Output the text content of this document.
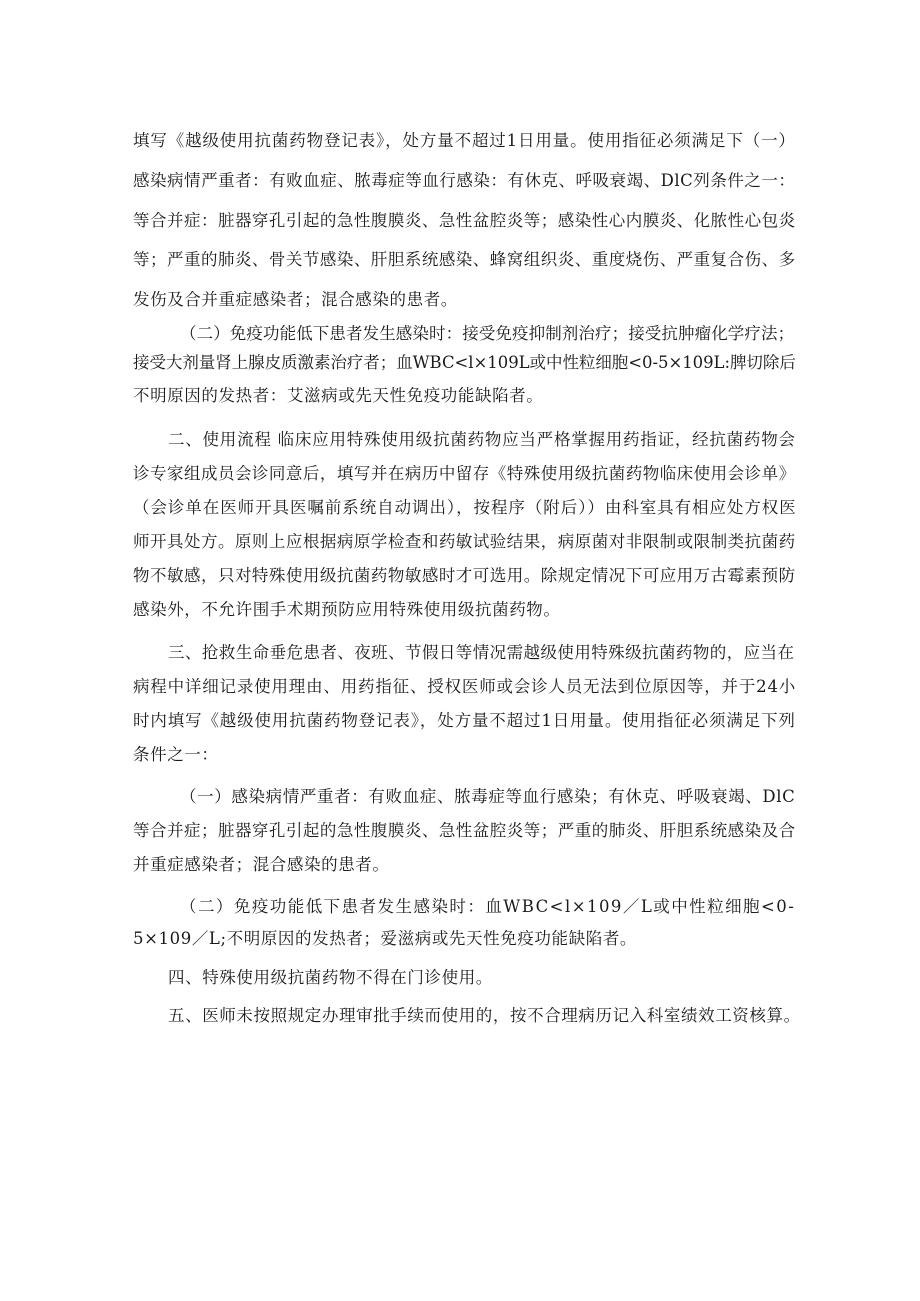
填写《越级使用抗菌药物登记表》，处方量不超过1日用量。使用指征必须满足下（一）
感染病情严重者：有败血症、脓毒症等血行感染：有休克、呼吸衰竭、DlC列条件之一：
等合并症：脏器穿孔引起的急性腹膜炎、急性盆腔炎等；感染性心内膜炎、化脓性心包炎
等；严重的肺炎、骨关节感染、肝胆系统感染、蜂窝组织炎、重度烧伤、严重复合伤、多
发伤及合并重症感染者；混合感染的患者。
（二）免疫功能低下患者发生感染时：接受免疫抑制剂治疗；接受抗肿瘤化学疗法；
接受大剂量肾上腺皮质激素治疗者；血WBC<l×109L或中性粒细胞<0-5×109L:脾切除后
不明原因的发热者：艾滋病或先天性免疫功能缺陷者。
二、使用流程 临床应用特殊使用级抗菌药物应当严格掌握用药指证，经抗菌药物会
诊专家组成员会诊同意后，填写并在病历中留存《特殊使用级抗菌药物临床使用会诊单》
（会诊单在医师开具医嘱前系统自动调出），按程序（附后））由科室具有相应处方权医
师开具处方。原则上应根据病原学检查和药敏试验结果，病原菌对非限制或限制类抗菌药
物不敏感，只对特殊使用级抗菌药物敏感时才可选用。除规定情况下可应用万古霉素预防
感染外，不允许围手术期预防应用特殊使用级抗菌药物。
三、抢救生命垂危患者、夜班、节假日等情况需越级使用特殊级抗菌药物的，应当在
病程中详细记录使用理由、用药指征、授权医师或会诊人员无法到位原因等，并于24小
时内填写《越级使用抗菌药物登记表》，处方量不超过1日用量。使用指征必须满足下列
条件之一：
（一）感染病情严重者：有败血症、脓毒症等血行感染；有休克、呼吸衰竭、DlC
等合并症；脏器穿孔引起的急性腹膜炎、急性盆腔炎等；严重的肺炎、肝胆系统感染及合
并重症感染者；混合感染的患者。
（二）免疫功能低下患者发生感染时：血WBC<l×109／L或中性粒细胞<0-
5×109／L;不明原因的发热者；爱滋病或先天性免疫功能缺陷者。
四、特殊使用级抗菌药物不得在门诊使用。
五、医师未按照规定办理审批手续而使用的，按不合理病历记入科室绩效工资核算。
